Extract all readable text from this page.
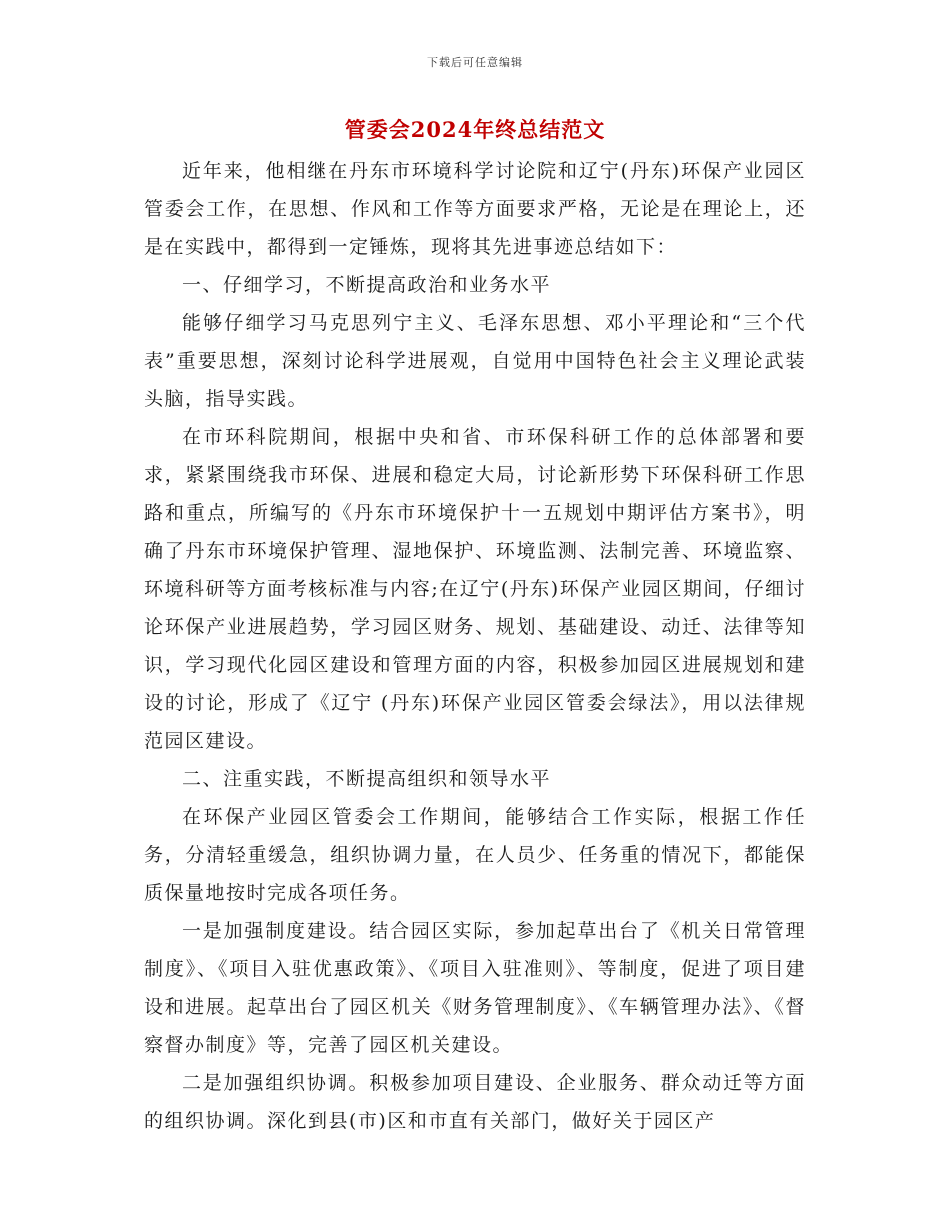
下载后可任意编辑
管委会2024年终总结范文

近年来，他相继在丹东市环境科学讨论院和辽宁(丹东)环保产业园区管委会工作，在思想、作风和工作等方面要求严格，无论是在理论上，还是在实践中，都得到一定锤炼，现将其先进事迹总结如下：

一、仔细学习，不断提高政治和业务水平

能够仔细学习马克思列宁主义、毛泽东思想、邓小平理论和“三个代表”重要思想，深刻讨论科学进展观，自觉用中国特色社会主义理论武装头脑，指导实践。

在市环科院期间，根据中央和省、市环保科研工作的总体部署和要求，紧紧围绕我市环保、进展和稳定大局，讨论新形势下环保科研工作思路和重点，所编写的《丹东市环境保护十一五规划中期评估方案书》，明确了丹东市环境保护管理、湿地保护、环境监测、法制完善、环境监察、环境科研等方面考核标准与内容;在辽宁(丹东)环保产业园区期间，仔细讨论环保产业进展趋势，学习园区财务、规划、基础建设、动迁、法律等知识，学习现代化园区建设和管理方面的内容，积极参加园区进展规划和建设的讨论，形成了《辽宁 (丹东)环保产业园区管委会绿法》，用以法律规范园区建设。

二、注重实践，不断提高组织和领导水平

在环保产业园区管委会工作期间，能够结合工作实际，根据工作任务，分清轻重缓急，组织协调力量，在人员少、任务重的情况下，都能保质保量地按时完成各项任务。

一是加强制度建设。结合园区实际，参加起草出台了《机关日常管理制度》、《项目入驻优惠政策》、《项目入驻准则》、等制度，促进了项目建设和进展。起草出台了园区机关《财务管理制度》、《车辆管理办法》、《督察督办制度》等，完善了园区机关建设。

二是加强组织协调。积极参加项目建设、企业服务、群众动迁等方面的组织协调。深化到县(市)区和市直有关部门，做好关于园区产
